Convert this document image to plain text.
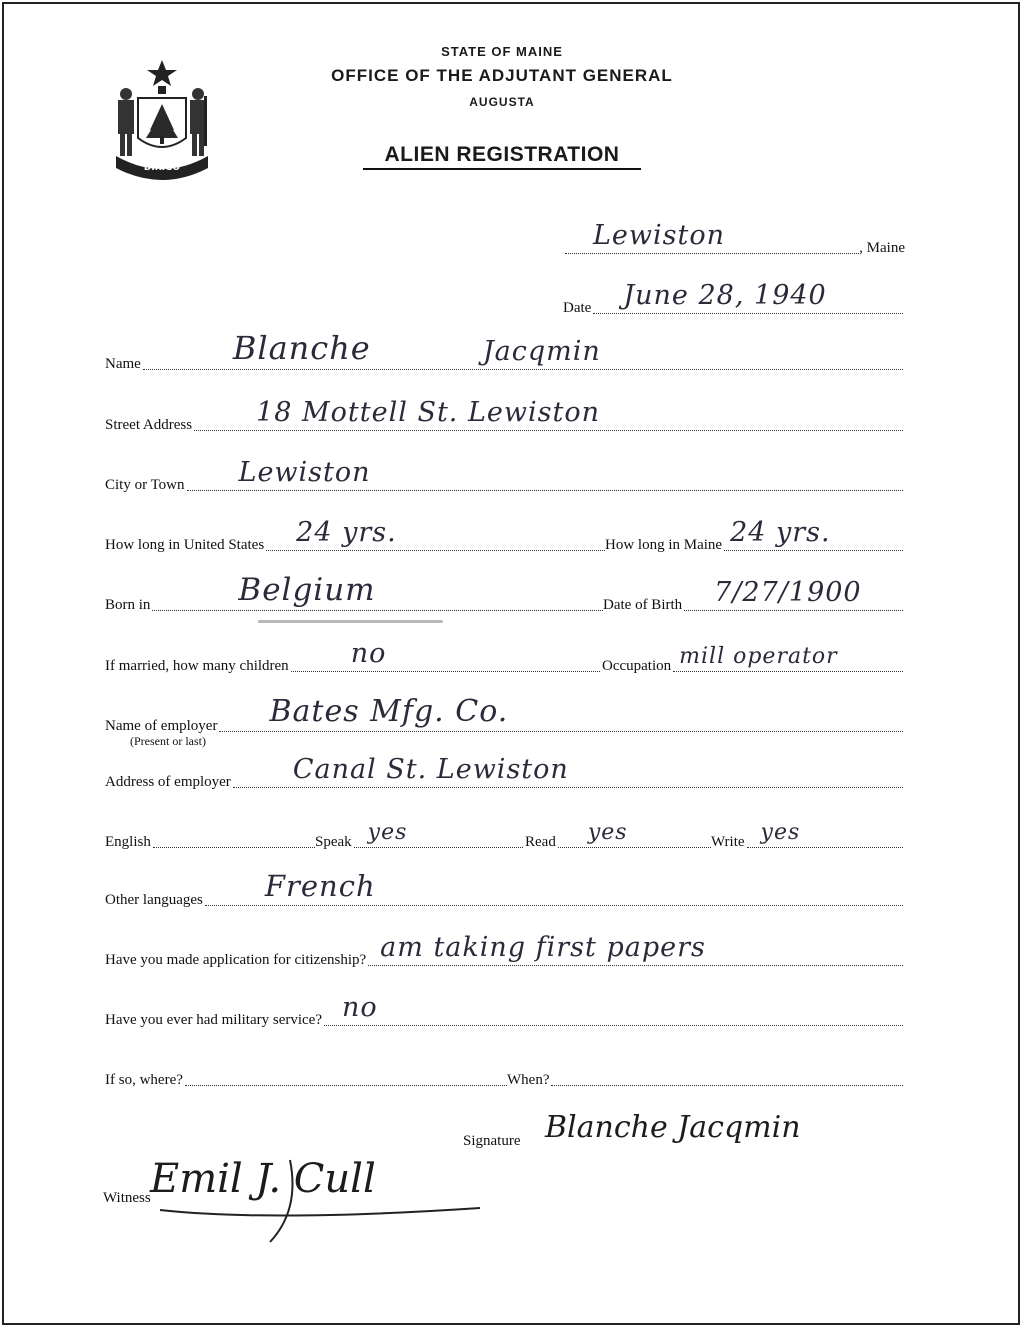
DIRIGO
STATE OF MAINE
OFFICE OF THE ADJUTANT GENERAL
AUGUSTA
ALIEN REGISTRATION
Lewiston	, Maine
Date June 28, 1940
Name	Blanche	Jacqmin
Street Address 18 Mottell St. Lewiston
City or Town Lewiston
How long in United States 24 yrs.	How long in Maine 24 yrs.
Born in	Belgium	Date of Birth 7/27/1900
If married, how many children no	Occupation mill operator
Name of employer Bates Mfg. Co.
(Present or last)
Address of employer Canal St. Lewiston
English	Speak yes	Read yes	Write yes
Other languages French
Have you made application for citizenship? am taking first papers
Have you ever had military service? no
If so, where?	When?
Signature Blanche Jacqmin
Witness Emil J. Cull
